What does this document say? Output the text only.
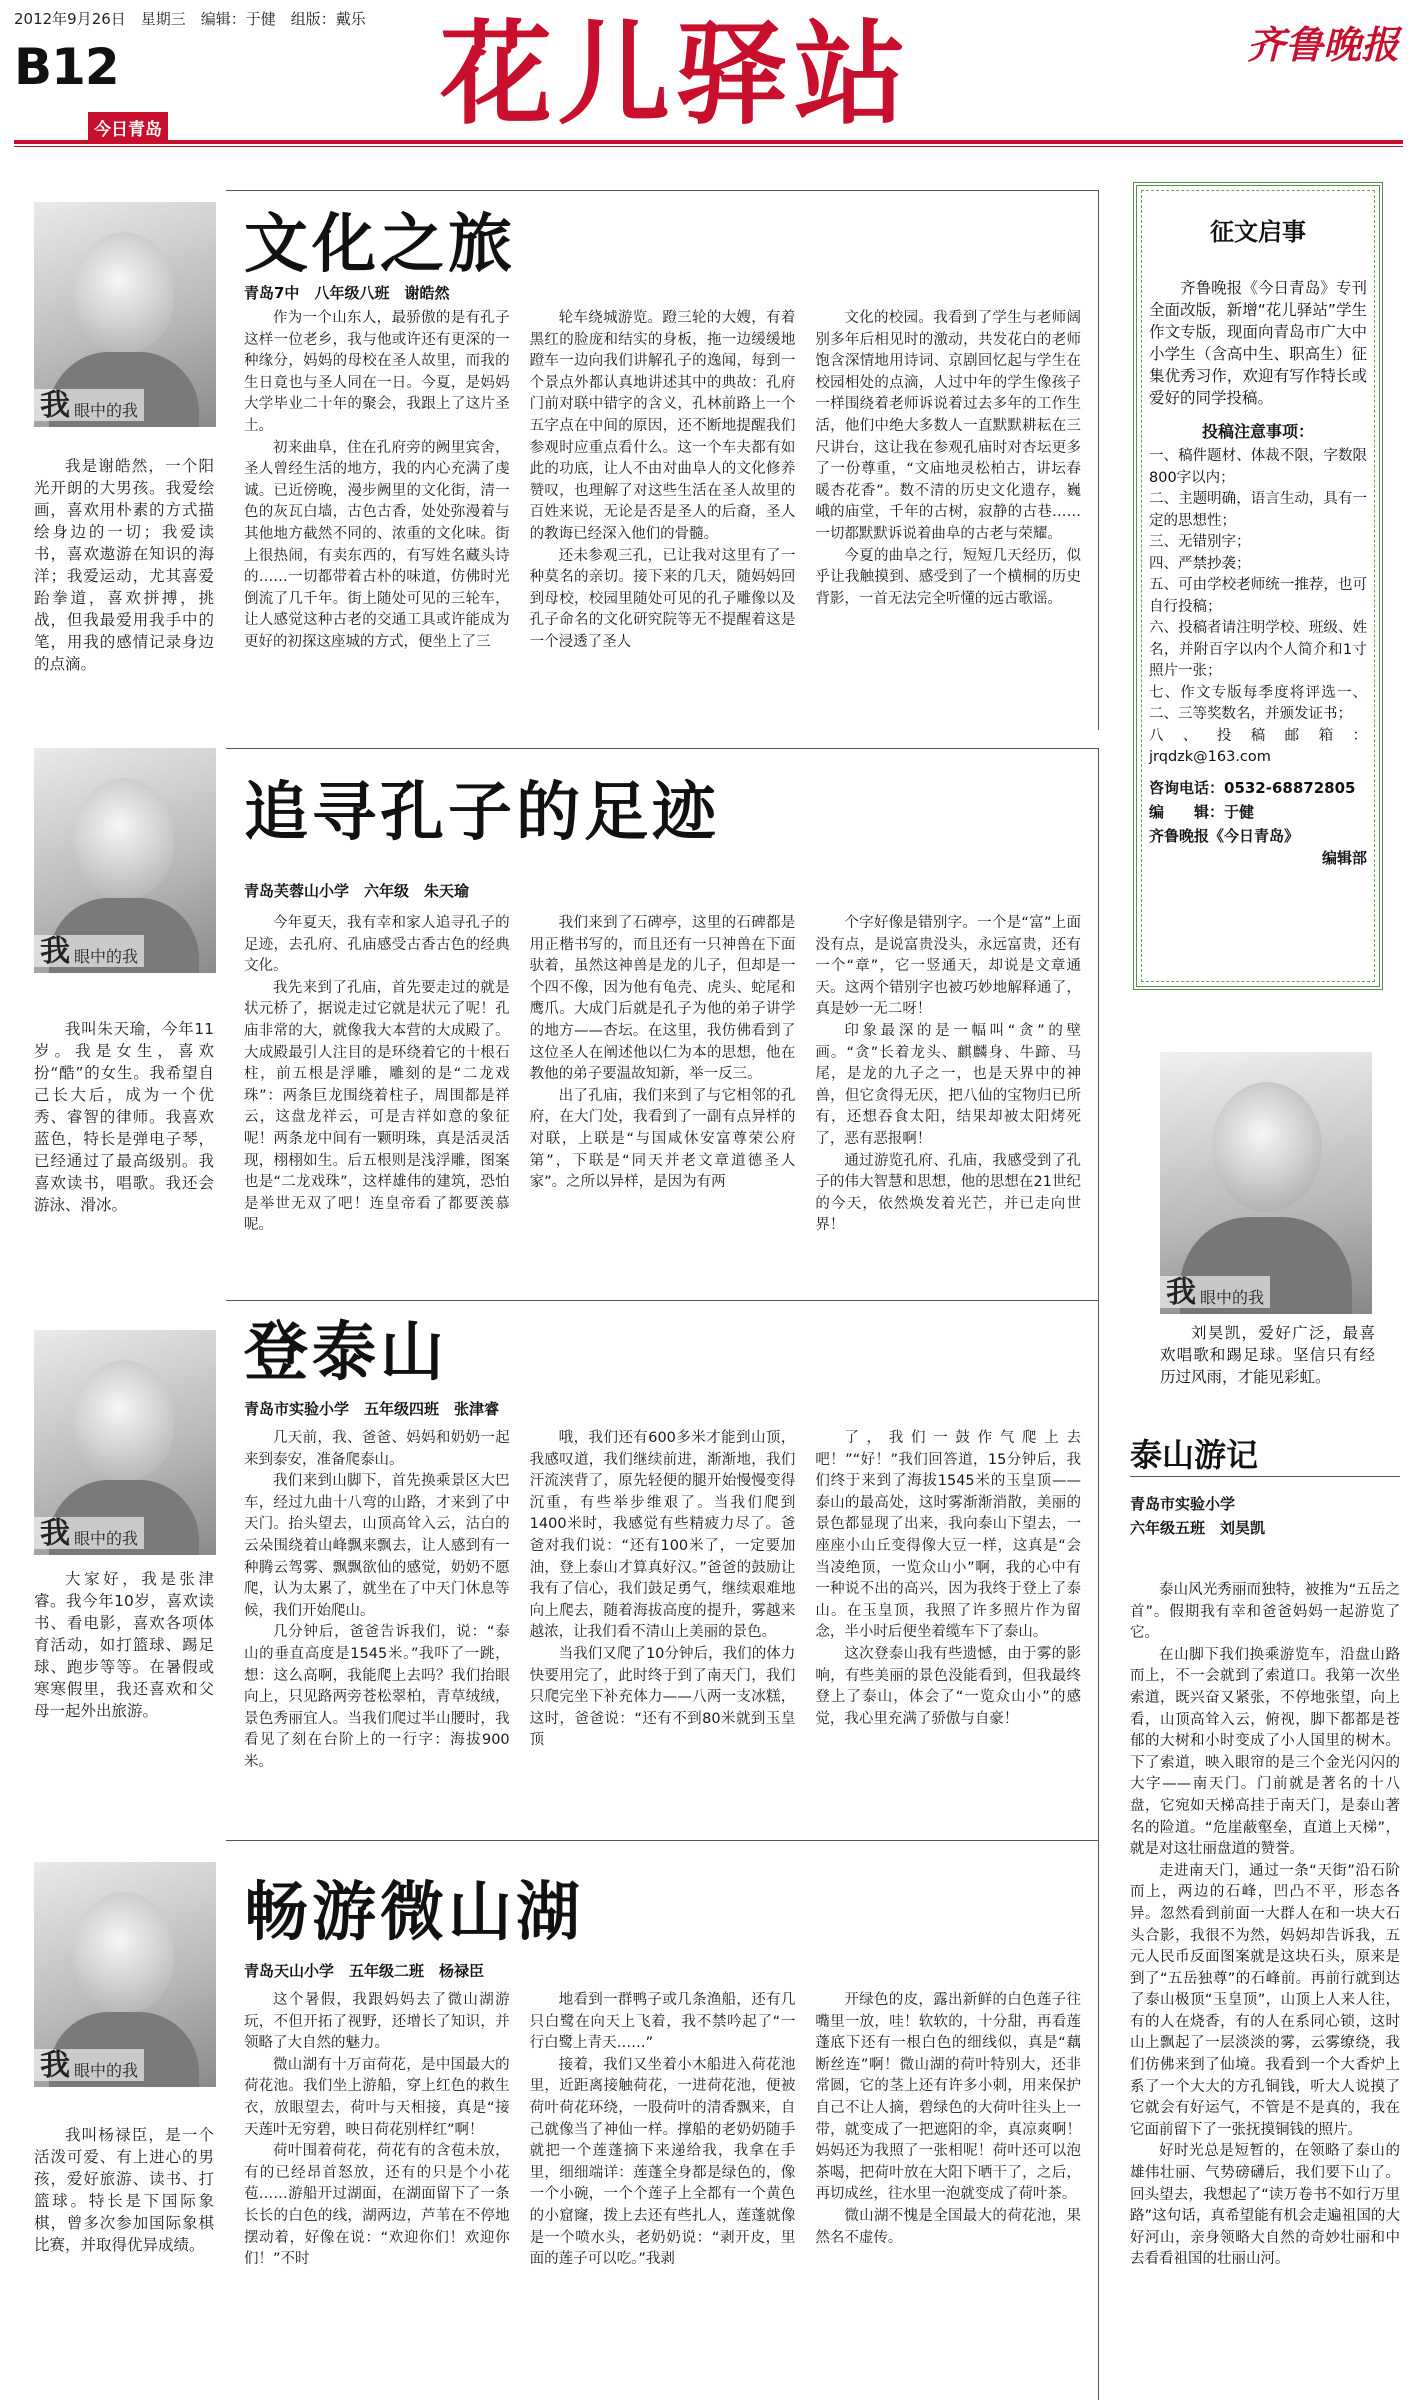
2012年9月26日　星期三　编辑：于健　组版：戴乐
B12
今日青岛 花儿驿站	齐鲁晚报
我 眼中的我
我是谢皓然，一个阳光开朗的大男孩。我爱绘画，喜欢用朴素的方式描绘身边的一切；我爱读书，喜欢遨游在知识的海洋；我爱运动，尤其喜爱跆拳道，喜欢拼搏，挑战，但我最爱用我手中的笔，用我的感情记录身边的点滴。
文化之旅
青岛7中　八年级八班　谢皓然

作为一个山东人，最骄傲的是有孔子这样一位老乡，我与他或许还有更深的一种缘分，妈妈的母校在圣人故里，而我的生日竟也与圣人同在一日。今夏，是妈妈大学毕业二十年的聚会，我跟上了这片圣土。

初来曲阜，住在孔府旁的阙里宾舍，圣人曾经生活的地方，我的内心充满了虔诚。已近傍晚，漫步阙里的文化街，清一色的灰瓦白墙，古色古香，处处弥漫着与其他地方截然不同的、浓重的文化味。街上很热闹，有卖东西的，有写姓名藏头诗的……一切都带着古朴的味道，仿佛时光倒流了几千年。街上随处可见的三轮车，让人感觉这种古老的交通工具或许能成为更好的初探这座城的方式，便坐上了三

轮车绕城游览。蹬三轮的大嫂，有着黑红的脸庞和结实的身板，拖一边缓缓地蹬车一边向我们讲解孔子的逸闻，每到一个景点外都认真地讲述其中的典故：孔府门前对联中错字的含义，孔林前路上一个五字点在中间的原因，还不断地提醒我们参观时应重点看什么。这一个车夫都有如此的功底，让人不由对曲阜人的文化修养赞叹，也理解了对这些生活在圣人故里的百姓来说，无论是否是圣人的后裔，圣人的教诲已经深入他们的骨髓。

还未参观三孔，已让我对这里有了一种莫名的亲切。接下来的几天，随妈妈回到母校，校园里随处可见的孔子雕像以及孔子命名的文化研究院等无不提醒着这是一个浸透了圣人

文化的校园。我看到了学生与老师阔别多年后相见时的激动，共发花白的老师饱含深情地用诗词、京剧回忆起与学生在校园相处的点滴，人过中年的学生像孩子一样围绕着老师诉说着过去多年的工作生活，他们中绝大多数人一直默默耕耘在三尺讲台，这让我在参观孔庙时对杏坛更多了一份尊重，“文庙地灵松柏古，讲坛春暖杏花香”。数不清的历史文化遗存，巍峨的庙堂，千年的古树，寂静的古巷……一切都默默诉说着曲阜的古老与荣耀。

今夏的曲阜之行，短短几天经历，似乎让我触摸到、感受到了一个横桐的历史背影，一首无法完全听懂的远古歌谣。

我 眼中的我
我叫朱天瑜，今年11岁。我是女生，喜欢扮“酷”的女生。我希望自己长大后，成为一个优秀、睿智的律师。我喜欢蓝色，特长是弹电子琴，已经通过了最高级别。我喜欢读书，唱歌。我还会游泳、滑冰。
追寻孔子的足迹
青岛芙蓉山小学　六年级　朱天瑜

今年夏天，我有幸和家人追寻孔子的足迹，去孔府、孔庙感受古香古色的经典文化。

我先来到了孔庙，首先要走过的就是状元桥了，据说走过它就是状元了呢！孔庙非常的大，就像我大本营的大成殿了。大成殿最引人注目的是环绕着它的十根石柱，前五根是浮雕，雕刻的是“二龙戏珠”：两条巨龙围绕着柱子，周围都是祥云，这盘龙祥云，可是吉祥如意的象征呢！两条龙中间有一颗明珠，真是活灵活现，栩栩如生。后五根则是浅浮雕，图案也是“二龙戏珠”，这样雄伟的建筑，恐怕是举世无双了吧！连皇帝看了都要羡慕呢。

我们来到了石碑亭，这里的石碑都是用正楷书写的，而且还有一只神兽在下面驮着，虽然这神兽是龙的儿子，但却是一个四不像，因为他有龟壳、虎头、蛇尾和鹰爪。大成门后就是孔子为他的弟子讲学的地方——杏坛。在这里，我仿佛看到了这位圣人在阐述他以仁为本的思想，他在教他的弟子要温故知新，举一反三。

出了孔庙，我们来到了与它相邻的孔府，在大门处，我看到了一副有点异样的对联，上联是“与国咸休安富尊荣公府第”，下联是“同天并老文章道德圣人家”。之所以异样，是因为有两

个字好像是错别字。一个是“富”上面没有点，是说富贵没头，永远富贵，还有一个“章”，它一竖通天，却说是文章通天。这两个错别字也被巧妙地解释通了，真是妙一无二呀！

印象最深的是一幅叫“贪”的壁画。“贪”长着龙头、麒麟身、牛蹄、马尾，是龙的九子之一，也是天界中的神兽，但它贪得无厌，把八仙的宝物归已所有，还想吞食太阳，结果却被太阳烤死了，恶有恶报啊！

通过游览孔府、孔庙，我感受到了孔子的伟大智慧和思想，他的思想在21世纪的今天，依然焕发着光芒，并已走向世界！

我 眼中的我
大家好，我是张津睿。我今年10岁，喜欢读书、看电影，喜欢各项体育活动，如打篮球、踢足球、跑步等等。在暑假或寒寒假里，我还喜欢和父母一起外出旅游。
登泰山
青岛市实验小学　五年级四班　张津睿

几天前，我、爸爸、妈妈和奶奶一起来到泰安，准备爬泰山。

我们来到山脚下，首先换乘景区大巴车，经过九曲十八弯的山路，才来到了中天门。抬头望去，山顶高耸入云，沽白的云朵围绕着山峰飘来飘去，让人感到有一种腾云驾雾、飘飘欲仙的感觉，奶奶不愿爬，认为太累了，就坐在了中天门休息等候，我们开始爬山。

几分钟后，爸爸告诉我们，说：“泰山的垂直高度是1545米。”我吓了一跳，想：这么高啊，我能爬上去吗？我们抬眼向上，只见路两旁苍松翠柏，青草绒绒，景色秀丽宜人。当我们爬过半山腰时，我看见了刻在台阶上的一行字：海拔900米。

哦，我们还有600多米才能到山顶，我感叹道，我们继续前进，渐渐地，我们汗流浃背了，原先轻便的腿开始慢慢变得沉重，有些举步维艰了。当我们爬到1400米时，我感觉有些精疲力尽了。爸爸对我们说：“还有100米了，一定要加油，登上泰山才算真好汉。”爸爸的鼓励让我有了信心，我们鼓足勇气，继续艰难地向上爬去，随着海拔高度的提升，雾越来越浓，让我们看不清山上美丽的景色。

当我们又爬了10分钟后，我们的体力快要用完了，此时终于到了南天门，我们只爬完坐下补充体力——八两一支冰糕，这时，爸爸说：“还有不到80米就到玉皇顶

了，我们一鼓作气爬上去吧！”“好！”我们回答道，15分钟后，我们终于来到了海拔1545米的玉皇顶——泰山的最高处，这时雾渐渐消散，美丽的景色都显现了出来，我向泰山下望去，一座座小山丘变得像大豆一样，这真是“会当凌绝顶，一览众山小”啊，我的心中有一种说不出的高兴，因为我终于登上了泰山。在玉皇顶，我照了许多照片作为留念，半小时后便坐着缆车下了泰山。

这次登泰山我有些遗憾，由于雾的影响，有些美丽的景色没能看到，但我最终登上了泰山，体会了“一览众山小”的感觉，我心里充满了骄傲与自豪！

我 眼中的我
我叫杨禄臣，是一个活泼可爱、有上进心的男孩，爱好旅游、读书、打篮球。特长是下国际象棋，曾多次参加国际象棋比赛，并取得优异成绩。
畅游微山湖
青岛天山小学　五年级二班　杨禄臣

这个暑假，我跟妈妈去了微山湖游玩，不但开拓了视野，还增长了知识，并领略了大自然的魅力。

微山湖有十万亩荷花，是中国最大的荷花池。我们坐上游船，穿上红色的救生衣，放眼望去，荷叶与天相接，真是“接天莲叶无穷碧，映日荷花别样红”啊！

荷叶围着荷花，荷花有的含苞未放，有的已经昂首怒放，还有的只是个小花苞……游船开过湖面，在湖面留下了一条长长的白色的线，湖两边，芦苇在不停地摆动着，好像在说：“欢迎你们！欢迎你们！”不时

地看到一群鸭子或几条渔船，还有几只白鹭在向天上飞着，我不禁吟起了“一行白鹭上青天……”

接着，我们又坐着小木船进入荷花池里，近距离接触荷花，一进荷花池，便被荷叶荷花环绕，一股荷叶的清香飘来，自己就像当了神仙一样。撑船的老奶奶随手就把一个莲蓬摘下来递给我，我拿在手里，细细端详：莲蓬全身都是绿色的，像一个小碗，一个个莲子上全都有一个黄色的小窟窿，拨上去还有些扎人，莲蓬就像是一个喷水头，老奶奶说：“剥开皮，里面的莲子可以吃。”我剥

开绿色的皮，露出新鲜的白色莲子往嘴里一放，哇！软软的，十分甜，再看莲蓬底下还有一根白色的细线似，真是“藕断丝连”啊！微山湖的荷叶特别大，还非常圆，它的茎上还有许多小刺，用来保护自己不让人摘，碧绿色的大荷叶往头上一带，就变成了一把遮阳的伞，真凉爽啊！妈妈还为我照了一张相呢！荷叶还可以泡茶喝，把荷叶放在大阳下晒干了，之后，再切成丝，往水里一泡就变成了荷叶茶。

微山湖不愧是全国最大的荷花池，果然名不虚传。

征文启事

齐鲁晚报《今日青岛》专刊全面改版，新增“花儿驿站”学生作文专版，现面向青岛市广大中小学生（含高中生、职高生）征集优秀习作，欢迎有写作特长或爱好的同学投稿。

投稿注意事项：

一、稿件题材、体裁不限，字数限800字以内；

二、主题明确，语言生动，具有一定的思想性；

三、无错别字；

四、严禁抄袭；

五、可由学校老师统一推荐，也可自行投稿；

六、投稿者请注明学校、班级、姓名，并附百字以内个人简介和1寸照片一张；

七、作文专版每季度将评选一、二、三等奖数名，并颁发证书；

八、投稿邮箱：jrqdzk@163.com

咨询电话：0532-68872805

编　　辑：于健

齐鲁晚报《今日青岛》

编辑部
我 眼中的我
刘昊凯，爱好广泛，最喜欢唱歌和踢足球。坚信只有经历过风雨，才能见彩虹。
泰山游记
青岛市实验小学
六年级五班　刘昊凯

泰山风光秀丽而独特，被推为“五岳之首”。假期我有幸和爸爸妈妈一起游览了它。

在山脚下我们换乘游览车，沿盘山路而上，不一会就到了索道口。我第一次坐索道，既兴奋又紧张，不停地张望，向上看，山顶高耸入云，俯视，脚下都都是苍郁的大树和小时变成了小人国里的树木。下了索道，映入眼帘的是三个金光闪闪的大字——南天门。门前就是著名的十八盘，它宛如天梯高挂于南天门，是泰山著名的险道。“危崖蔽壑垒，直道上天梯”，就是对这壮丽盘道的赞誉。

走进南天门，通过一条“天街”沿石阶而上，两边的石峰，凹凸不平，形态各异。忽然看到前面一大群人在和一块大石头合影，我很不为然，妈妈却告诉我，五元人民币反面图案就是这块石头，原来是到了“五岳独尊”的石峰前。再前行就到达了泰山极顶“玉皇顶”，山顶上人来人往，有的人在烧香，有的人在系同心锁，这时山上飘起了一层淡淡的雾，云雾缭绕，我们仿佛来到了仙境。我看到一个大香炉上系了一个大大的方孔铜钱，听大人说摸了它就会有好运气，不管是不是真的，我在它面前留下了一张抚摸铜钱的照片。

好时光总是短暂的，在领略了泰山的雄伟壮丽、气势磅礴后，我们要下山了。回头望去，我想起了“读万卷书不如行万里路”这句话，真希望能有机会走遍祖国的大好河山，亲身领略大自然的奇妙壮丽和中去看看祖国的壮丽山河。
